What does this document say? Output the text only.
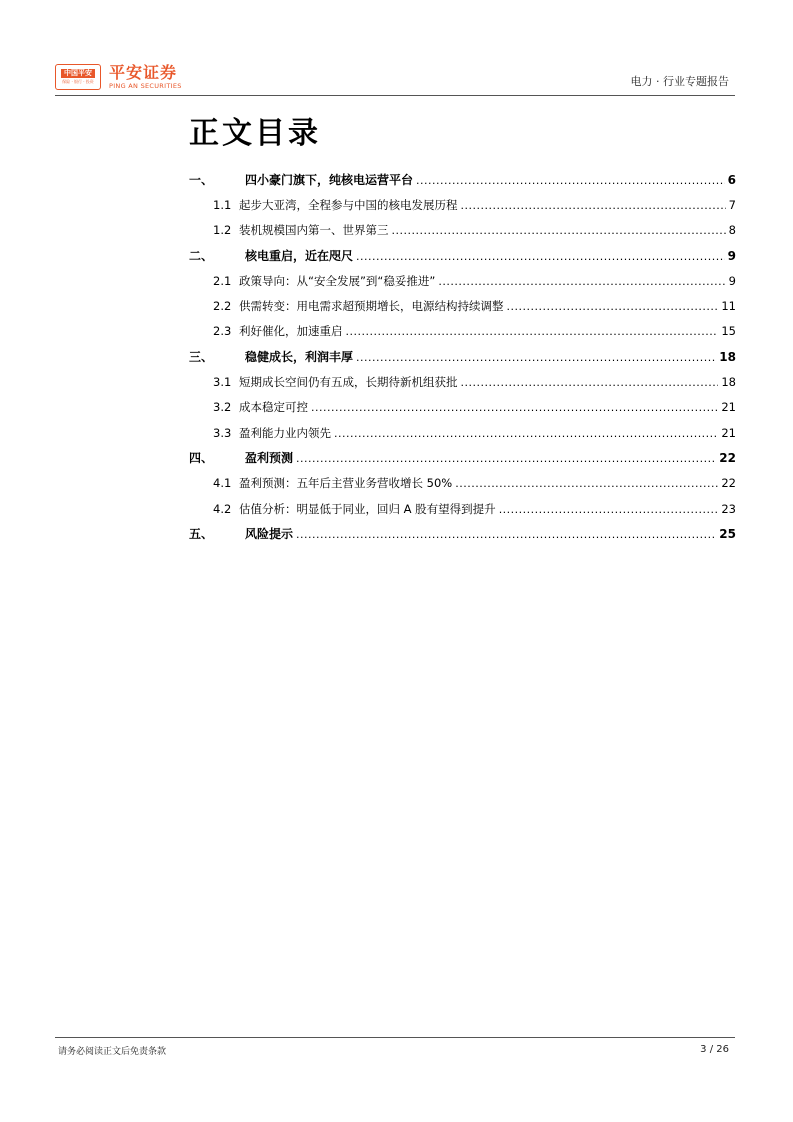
中国平安
保险 · 银行 · 投资 平安证券
PING AN SECURITIES	电力 · 行业专题报告
正文目录
一、	四小豪门旗下，纯核电运营平台 .....	6
1.1 起步大亚湾，全程参与中国的核电发展历程 .....	7
1.2 装机规模国内第一、世界第三 .....	8
二、	核电重启，近在咫尺 .....	9
2.1 政策导向：从“安全发展”到“稳妥推进” .....	9
2.2 供需转变：用电需求超预期增长，电源结构持续调整 .....	11
2.3 利好催化，加速重启 .....	15
三、	稳健成长，利润丰厚 .....	18
3.1 短期成长空间仍有五成，长期待新机组获批 .....	18
3.2 成本稳定可控 .....	21
3.3 盈利能力业内领先 .....	21
四、	盈利预测 .....	22
4.1 盈利预测：五年后主营业务营收增长 50% .....	22
4.2 估值分析：明显低于同业，回归 A 股有望得到提升 .....	23
五、	风险提示 .....	25
请务必阅读正文后免责条款	3 / 26
